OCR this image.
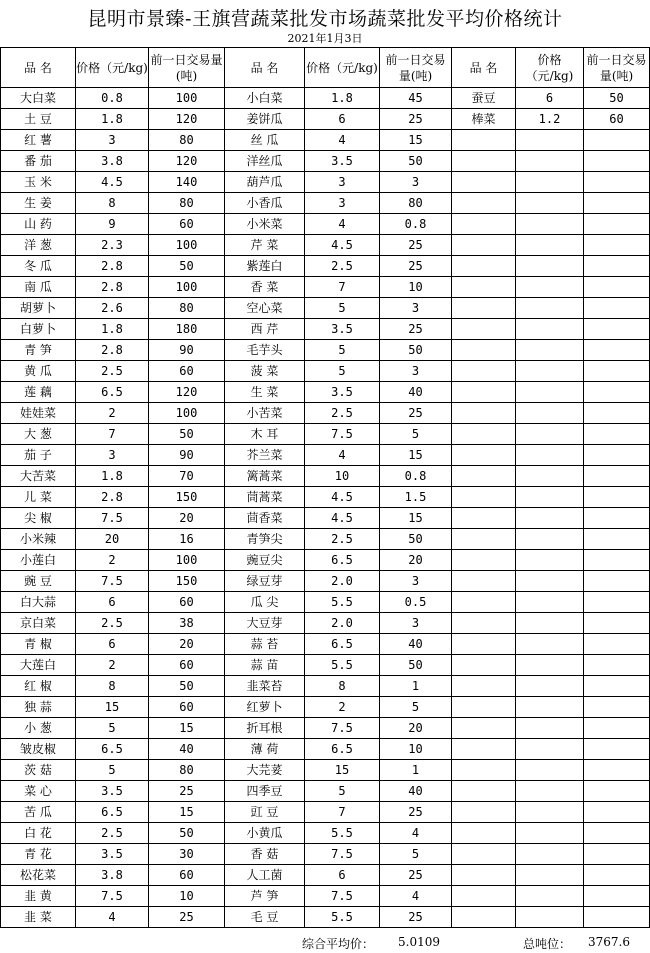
昆明市景臻-王旗营蔬菜批发市场蔬菜批发平均价格统计
2021年1月3日
品 名	价格（元/kg)	前一日交易量(吨)	品 名	价格（元/kg)	前一日交易量(吨)	品 名	价格（元/kg)	前一日交易量(吨)
大白菜	0.8	100	小白菜	1.8	45	蚕豆	6	50
土 豆	1.8	120	姜饼瓜	6	25	棒菜	1.2	60
红 薯	3	80	丝 瓜	4	15			
番 茄	3.8	120	洋丝瓜	3.5	50			
玉 米	4.5	140	葫芦瓜	3	3			
生 姜	8	80	小香瓜	3	80			
山 药	9	60	小米菜	4	0.8			
洋 葱	2.3	100	芹 菜	4.5	25			
冬 瓜	2.8	50	紫莲白	2.5	25			
南 瓜	2.8	100	香 菜	7	10			
胡萝卜	2.6	80	空心菜	5	3			
白萝卜	1.8	180	西 芹	3.5	25			
青 笋	2.8	90	毛芋头	5	50			
黄 瓜	2.5	60	菠 菜	5	3			
莲 藕	6.5	120	生 菜	3.5	40			
娃娃菜	2	100	小苦菜	2.5	25			
大 葱	7	50	木 耳	7.5	5			
茄 子	3	90	芥兰菜	4	15			
大苦菜	1.8	70	篱蒿菜	10	0.8			
儿 菜	2.8	150	茼蒿菜	4.5	1.5			
尖 椒	7.5	20	茴香菜	4.5	15			
小米辣	20	16	青笋尖	2.5	50			
小莲白	2	100	豌豆尖	6.5	20			
豌 豆	7.5	150	绿豆芽	2.0	3			
白大蒜	6	60	瓜 尖	5.5	0.5			
京白菜	2.5	38	大豆芽	2.0	3			
青 椒	6	20	蒜 苔	6.5	40			
大莲白	2	60	蒜 苗	5.5	50			
红 椒	8	50	韭菜苔	8	1			
独 蒜	15	60	红萝卜	2	5			
小 葱	5	15	折耳根	7.5	20			
皱皮椒	6.5	40	薄 荷	6.5	10			
茨 菇	5	80	大芫荽	15	1			
菜 心	3.5	25	四季豆	5	40			
苦 瓜	6.5	15	豇 豆	7	25			
白 花	2.5	50	小黄瓜	5.5	4			
青 花	3.5	30	香 菇	7.5	5			
松花菜	3.8	60	人工菌	6	25			
韭 黄	7.5	10	芦 笋	7.5	4			
韭 菜	4	25	毛 豆	5.5	25			
综合平均价： 5.0109	总吨位： 3767.6
